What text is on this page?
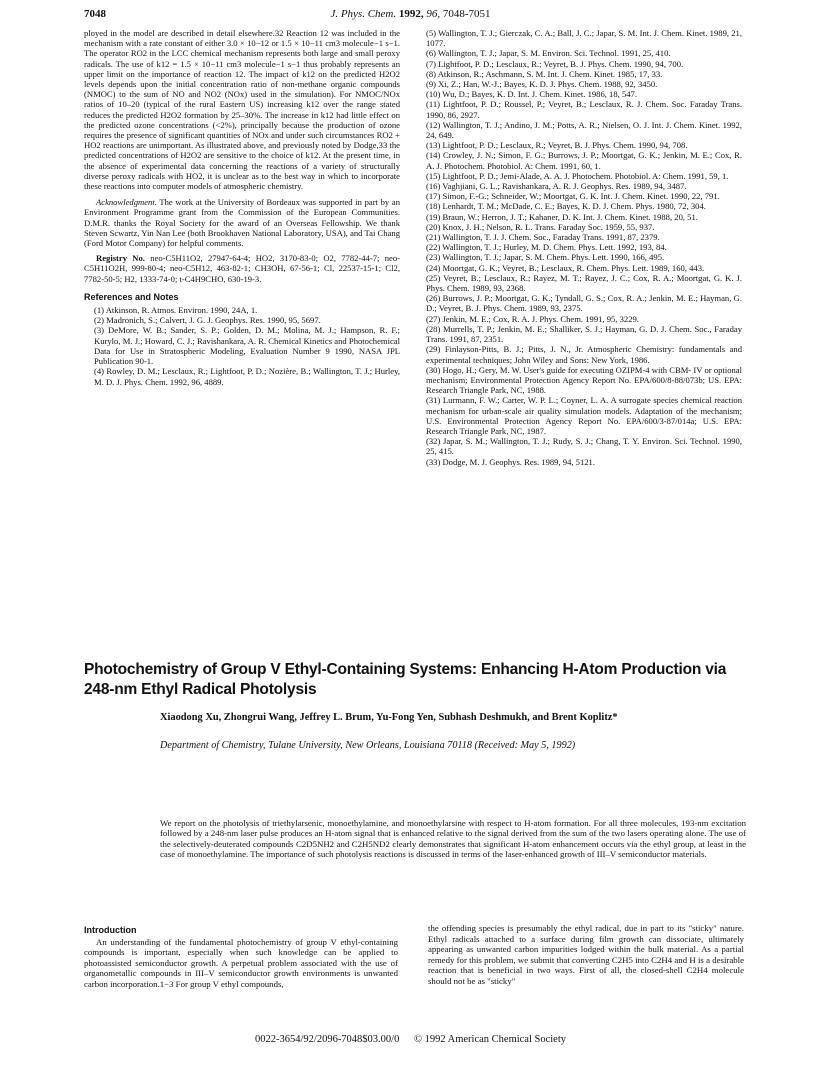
7048	J. Phys. Chem. 1992, 96, 7048-7051

ployed in the model are described in detail elsewhere.32 Reaction 12 was included in the mechanism with a rate constant of either 3.0 × 10−12 or 1.5 × 10−11 cm3 molecule−1 s−1. The operator RO2 in the LCC chemical mechanism represents both large and small peroxy radicals. The use of k12 = 1.5 × 10−11 cm3 molecule−1 s−1 thus probably represents an upper limit on the importance of reaction 12. The impact of k12 on the predicted H2O2 levels depends upon the initial concentration ratio of non-methane organic compounds (NMOC) to the sum of NO and NO2 (NOx) used in the simulation). For NMOC/NOx ratios of 10–20 (typical of the rural Eastern US) increasing k12 over the range stated reduces the predicted H2O2 formation by 25–30%. The increase in k12 had little effect on the predicted ozone concentrations (<2%), principally because the production of ozone requires the presence of significant quantities of NOx and under such circumstances RO2 + HO2 reactions are unimportant. As illustrated above, and previously noted by Dodge,33 the predicted concentrations of H2O2 are sensitive to the choice of k12. At the present time, in the absence of experimental data concerning the reactions of a variety of structurally diverse peroxy radicals with HO2, it is unclear as to the best way in which to incorporate these reactions into computer models of atmospheric chemistry.

Acknowledgment. The work at the University of Bordeaux was supported in part by an Environment Programme grant from the Commission of the European Communities. D.M.R. thanks the Royal Society for the award of an Overseas Fellowship. We thank Steven Scwartz, Yin Nan Lee (both Brookhaven National Laboratory, USA), and Tai Chang (Ford Motor Company) for helpful comments.

Registry No. neo-C5H11O2, 27947-64-4; HO2, 3170-83-0; O2, 7782-44-7; neo-C5H11O2H, 999-80-4; neo-C5H12, 463-82-1; CH3OH, 67-56-1; Cl, 22537-15-1; Cl2, 7782-50-5; H2, 1333-74-0; t-C4H9CHO, 630-19-3.

References and Notes

(1) Atkinson, R. Atmos. Environ. 1990, 24A, 1.

(2) Madronich, S.; Calvert, J. G. J. Geophys. Res. 1990, 95, 5697.

(3) DeMore, W. B.; Sander, S. P.; Golden, D. M.; Molina, M. J.; Hampson, R. F.; Kurylo, M. J.; Howard, C. J.; Ravishankara, A. R. Chemical Kinetics and Photochemical Data for Use in Stratospheric Modeling, Evaluation Number 9 1990, NASA JPL Publication 90-1.

(4) Rowley, D. M.; Lesclaux, R.; Lightfoot, P. D.; Nozière, B.; Wallington, T. J.; Hurley, M. D. J. Phys. Chem. 1992, 96, 4889.

(5) Wallington, T. J.; Gierczak, C. A.; Ball, J. C.; Japar, S. M. Int. J. Chem. Kinet. 1989, 21, 1077.

(6) Wallington, T. J.; Japar, S. M. Environ. Sci. Technol. 1991, 25, 410.

(7) Lightfoot, P. D.; Lesclaux, R.; Veyret, B. J. Phys. Chem. 1990, 94, 700.

(8) Atkinson, R.; Aschmann, S. M. Int. J. Chem. Kinet. 1985, 17, 33.

(9) Xi, Z.; Han, W.-J.; Bayes, K. D. J. Phys. Chem. 1988, 92, 3450.

(10) Wu, D.; Bayes, K. D. Int. J. Chem. Kinet. 1986, 18, 547.

(11) Lightfoot, P. D.; Roussel, P.; Veyret, B.; Lesclaux, R. J. Chem. Soc. Faraday Trans. 1990, 86, 2927.

(12) Wallington, T. J.; Andino, J. M.; Potts, A. R.; Nielsen, O. J. Int. J. Chem. Kinet. 1992, 24, 649.

(13) Lightfoot, P. D.; Lesclaux, R.; Veyret, B. J. Phys. Chem. 1990, 94, 708.

(14) Crowley, J. N.; Simon, F. G.; Burrows, J. P.; Moortgat, G. K.; Jenkin, M. E.; Cox, R. A. J. Photochem. Photobiol. A: Chem. 1991, 60, 1.

(15) Lightfoot, P. D.; Jemi-Alade, A. A. J. Photochem. Photobiol. A: Chem. 1991, 59, 1.

(16) Vaghjiani, G. L.; Ravishankara, A. R. J. Geophys. Res. 1989, 94, 3487.

(17) Simon, F.-G.; Schneider, W.; Moortgat, G. K. Int. J. Chem. Kinet. 1990, 22, 791.

(18) Lenhardt, T. M.; McDade, C. E.; Bayes, K. D. J. Chem. Phys. 1980, 72, 304.

(19) Braun, W.; Herron, J. T.; Kahaner, D. K. Int. J. Chem. Kinet. 1988, 20, 51.

(20) Knox, J. H.; Nelson, R. L. Trans. Faraday Soc. 1959, 55, 937.

(21) Wallington, T. J. J. Chem. Soc., Faraday Trans. 1991, 87, 2379.

(22) Wallington, T. J.; Hurley, M. D. Chem. Phys. Lett. 1992, 193, 84.

(23) Wallington, T. J.; Japar, S. M. Chem. Phys. Lett. 1990, 166, 495.

(24) Moortgat, G. K.; Veyret, B.; Lesclaux, R. Chem. Phys. Lett. 1989, 160, 443.

(25) Veyret, B.; Lesclaux, R.; Rayez, M. T.; Rayez, J. C.; Cox, R. A.; Moortgat, G. K. J. Phys. Chem. 1989, 93, 2368.

(26) Burrows, J. P.; Moortgat, G. K.; Tyndall, G. S.; Cox, R. A.; Jenkin, M. E.; Hayman, G. D.; Veyret, B. J. Phys. Chem. 1989, 93, 2375.

(27) Jenkin, M. E.; Cox, R. A. J. Phys. Chem. 1991, 95, 3229.

(28) Murrells, T. P.; Jenkin, M. E.; Shalliker, S. J.; Hayman, G. D. J. Chem. Soc., Faraday Trans. 1991, 87, 2351.

(29) Finlayson-Pitts, B. J.; Pitts, J. N., Jr. Atmospheric Chemistry: fundamentals and experimental techniques; John Wiley and Sons: New York, 1986.

(30) Hogo, H.; Gery, M. W. User's guide for executing OZIPM-4 with CBM- IV or optional mechanism; Environmental Protection Agency Report No. EPA/600/8-88/073b; US. EPA: Research Triangle Park, NC, 1988.

(31) Lurmann, F. W.; Carter, W. P. L.; Coyner, L. A. A surrogate species chemical reaction mechanism for urban-scale air quality simulation models. Adaptation of the mechanism; U.S. Environmental Protection Agency Report No. EPA/600/3-87/014a; U.S. EPA: Research Triangle Park, NC, 1987.

(32) Japar, S. M.; Wallington, T. J.; Rudy, S. J.; Chang, T. Y. Environ. Sci. Technol. 1990, 25, 415.

(33) Dodge, M. J. Geophys. Res. 1989, 94, 5121.

Photochemistry of Group V Ethyl-Containing Systems: Enhancing H-Atom Production via 248-nm Ethyl Radical Photolysis
Xiaodong Xu, Zhongrui Wang, Jeffrey L. Brum, Yu-Fong Yen, Subhash Deshmukh, and Brent Koplitz*
Department of Chemistry, Tulane University, New Orleans, Louisiana 70118 (Received: May 5, 1992)
We report on the photolysis of triethylarsenic, monoethylamine, and monoethylarsine with respect to H-atom formation. For all three molecules, 193-nm excitation followed by a 248-nm laser pulse produces an H-atom signal that is enhanced relative to the signal derived from the sum of the two lasers operating alone. The use of the selectively-deuterated compounds C2D5NH2 and C2H5ND2 clearly demonstrates that significant H-atom enhancement occurs via the ethyl group, at least in the case of monoethylamine. The importance of such photolysis reactions is discussed in terms of the laser-enhanced growth of III–V semiconductor materials.
Introduction
An understanding of the fundamental photochemistry of group V ethyl-containing compounds is important, especially when such knowledge can be applied to photoassisted semiconductor growth. A perpetual problem associated with the use of organometallic compounds in III–V semiconductor growth environments is unwanted carbon incorporation.1−3 For group V ethyl compounds,
the offending species is presumably the ethyl radical, due in part to its "sticky" nature. Ethyl radicals attached to a surface during film growth can dissociate, ultimately appearing as unwanted carbon impurities lodged within the bulk material. As a partial remedy for this problem, we submit that converting C2H5 into C2H4 and H is a desirable reaction that is beneficial in two ways. First of all, the closed-shell C2H4 molecule should not be as "sticky"
0022-3654/92/2096-7048$03.00/0 © 1992 American Chemical Society
